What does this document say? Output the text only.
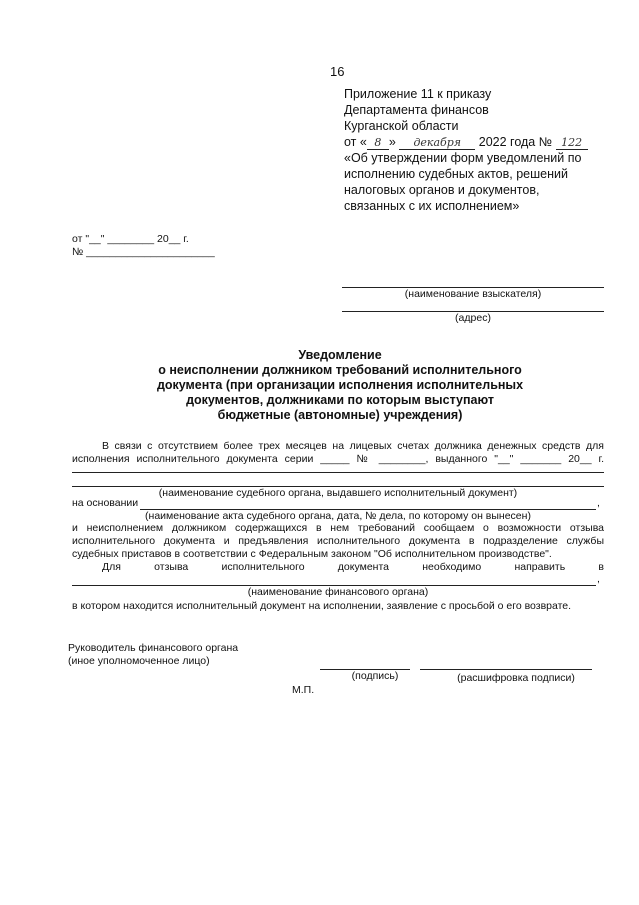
16
Приложение 11 к приказу
Департамента финансов
Курганской области
от « 8 » декабря 2022 года № 122
«Об утверждении форм уведомлений по
исполнению судебных актов, решений
налоговых органов и документов,
связанных с их исполнением»
от "__" ________ 20__ г.
№ ______________________
(наименование взыскателя)
(адрес)
Уведомление
о неисполнении должником требований исполнительного
документа (при организации исполнения исполнительных
документов, должниками по которым выступают
бюджетные (автономные) учреждения)
В связи с отсутствием более трех месяцев на лицевых счетах должника денежных средств для
исполнения исполнительного документа серии _____ № ________, выданного "__" _______ 20__ г.
(наименование судебного органа, выдавшего исполнительный документ)
на основании	,
(наименование акта судебного органа, дата, № дела, по которому он вынесен)
и неисполнением должником содержащихся в нем требований сообщаем о возможности отзыва
исполнительного документа и предъявления исполнительного документа в подразделение службы
судебных приставов в соответствии с Федеральным законом "Об исполнительном производстве".
Для отзыва исполнительного документа необходимо направить в
,
(наименование финансового органа)
в котором находится исполнительный документ на исполнении, заявление с просьбой о его возврате.
Руководитель финансового органа
(иное уполномоченное лицо)
(подпись)	(расшифровка подписи)
М.П.
